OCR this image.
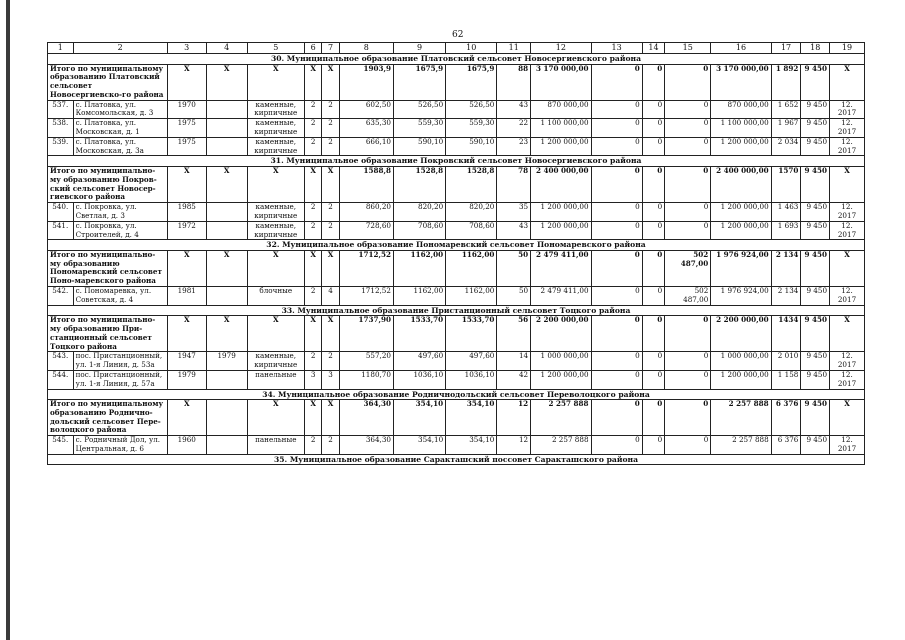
62
1	2	3	4	5	6	7	8	9	10	11	12	13	14	15	16	17	18	19
30. Муниципальное образование Платовский сельсовет Новосергиевского района																		
Итого по муниципальному образованию Платовский сельсовет Новосергиевско-го района		X	X	X	X	X	1903,9	1675,9	1675,9	88	3 170 000,00	0	0	0	3 170 000,00	1 892	9 450	X
537.	с. Платовка, ул. Комсомольская, д. 3	1970		каменные, кирпичные	2	2	602,50	526,50	526,50	43	870 000,00	0	0	0	870 000,00	1 652	9 450	12. 2017
538.	с. Платовка, ул. Московская, д. 1	1975		каменные, кирпичные	2	2	635,30	559,30	559,30	22	1 100 000,00	0	0	0	1 100 000,00	1 967	9 450	12. 2017
539.	с. Платовка, ул. Московская, д. 3а	1975		каменные, кирпичные	2	2	666,10	590,10	590,10	23	1 200 000,00	0	0	0	1 200 000,00	2 034	9 450	12. 2017
31. Муниципальное образование Покровский сельсовет Новосергиевского района																		
Итого по муниципально-му образованию Покров-ский сельсовет Новосер-гиевского района		X	X	X	X	X	1588,8	1528,8	1528,8	78	2 400 000,00	0	0	0	2 400 000,00	1570	9 450	X
540.	с. Покровка, ул. Светлая, д. 3	1985		каменные, кирпичные	2	2	860,20	820,20	820,20	35	1 200 000,00	0	0	0	1 200 000,00	1 463	9 450	12. 2017
541.	с. Покровка, ул. Строителей, д. 4	1972		каменные, кирпичные	2	2	728,60	708,60	708,60	43	1 200 000,00	0	0	0	1 200 000,00	1 693	9 450	12. 2017
32. Муниципальное образование Пономаревский сельсовет Пономаревского района																		
Итого по муниципально-му образованию Пономаревский сельсовет Поно-маревского района		X	X	X	X	X	1712,52	1162,00	1162,00	50	2 479 411,00	0	0	502 487,00	1 976 924,00	2 134	9 450	X
542.	с. Пономаревка, ул. Советская, д. 4	1981		блочные	2	4	1712,52	1162,00	1162,00	50	2 479 411,00	0	0	502 487,00	1 976 924,00	2 134	9 450	12. 2017
33. Муниципальное образование Пристанционный сельсовет Тоцкого района																		
Итого по муниципально-му образованию При-станционный сельсовет Тоцкого района		X	X	X	X	X	1737,90	1533,70	1533,70	56	2 200 000,00	0	0	0	2 200 000,00	1434	9 450	X
543.	пос. Пристанционный, ул. 1-я Линия, д. 53а	1947	1979	каменные, кирпичные	2	2	557,20	497,60	497,60	14	1 000 000,00	0	0	0	1 000 000,00	2 010	9 450	12. 2017
544.	пос. Пристанционный, ул. 1-я Линия, д. 57а	1979		панельные	3	3	1180,70	1036,10	1036,10	42	1 200 000,00	0	0	0	1 200 000,00	1 158	9 450	12. 2017
34. Муниципальное образование Родничнодольский сельсовет Переволоцкого района																		
Итого по муниципальному образованию Роднично-дольский сельсовет Пере-волоцкого района		X		X	X	X	364,30	354,10	354,10	12	2 257 888	0	0	0	2 257 888	6 376	9 450	X
545.	с. Родничный Дол, ул. Центральная, д. 6	1960		панельные	2	2	364,30	354,10	354,10	12	2 257 888	0	0	0	2 257 888	6 376	9 450	12. 2017
35. Муниципальное образование Саракташский поссовет Саракташского района																		
